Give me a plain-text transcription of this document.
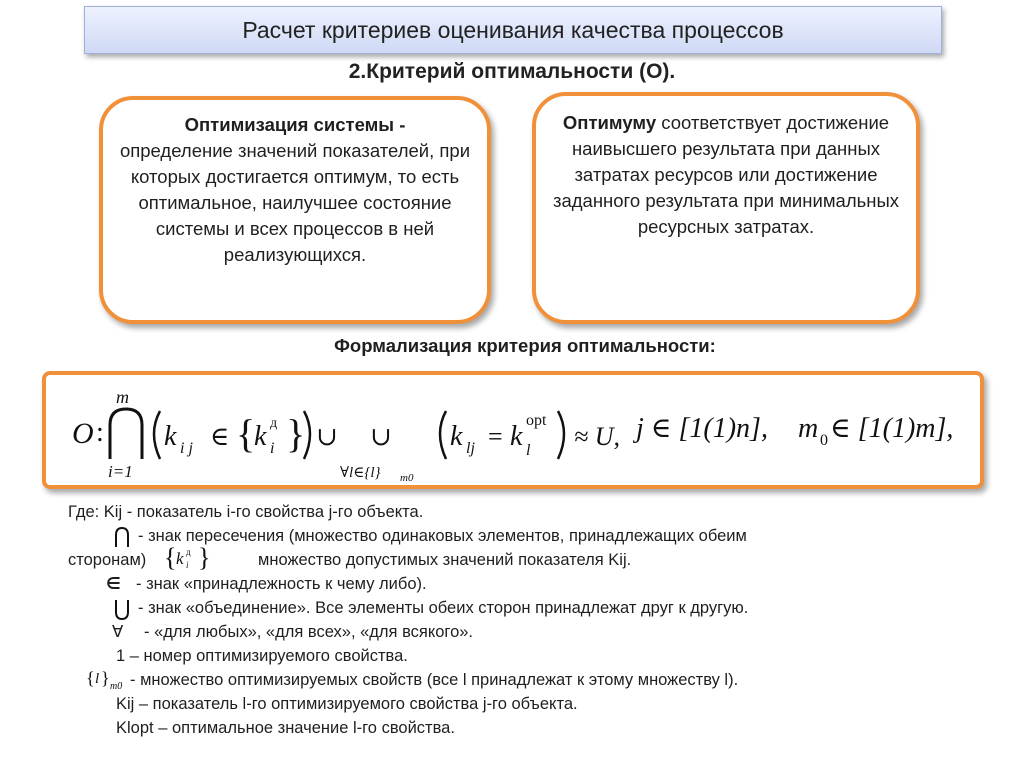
Расчет критериев оценивания качества процессов
2.Критерий оптимальности (О).
Оптимизация системы -
определение значений показателей, при которых достигается оптимум, то есть оптимальное, наилучшее состояние системы и всех процессов в ней реализующихся.
Оптимуму соответствует достижение наивысшего результата при данных затратах ресурсов или достижение заданного результата при минимальных ресурсных затратах.
Формализация критерия оптимальности:
O :
m
i=1
k i j ∈ {
k д
i } ∪ ∪
∀l∈{l} m0
k lj = k
opt
l ≈ U, j ∈ [1(1)n], m 0 ∈ [1(1)m],
Где: Kij - показатель i-го свойства j-го объекта.
- знак пересечения (множество одинаковых элементов, принадлежащих обеим
сторонам) { k д
i }	множество допустимых значений показателя Kij.
∈ - знак «принадлежность к чему либо).
- знак «объединение». Все элементы обеих сторон принадлежат друг к другую.
∀ - «для любых», «для всех», «для всякого».
1 – номер оптимизируемого свойства.
{ l } m0 - множество оптимизируемых свойств (все l принадлежат к этому множеству l).
Kij – показатель l-го оптимизируемого свойства j-го объекта.
Klopt – оптимальное значение l-го свойства.
